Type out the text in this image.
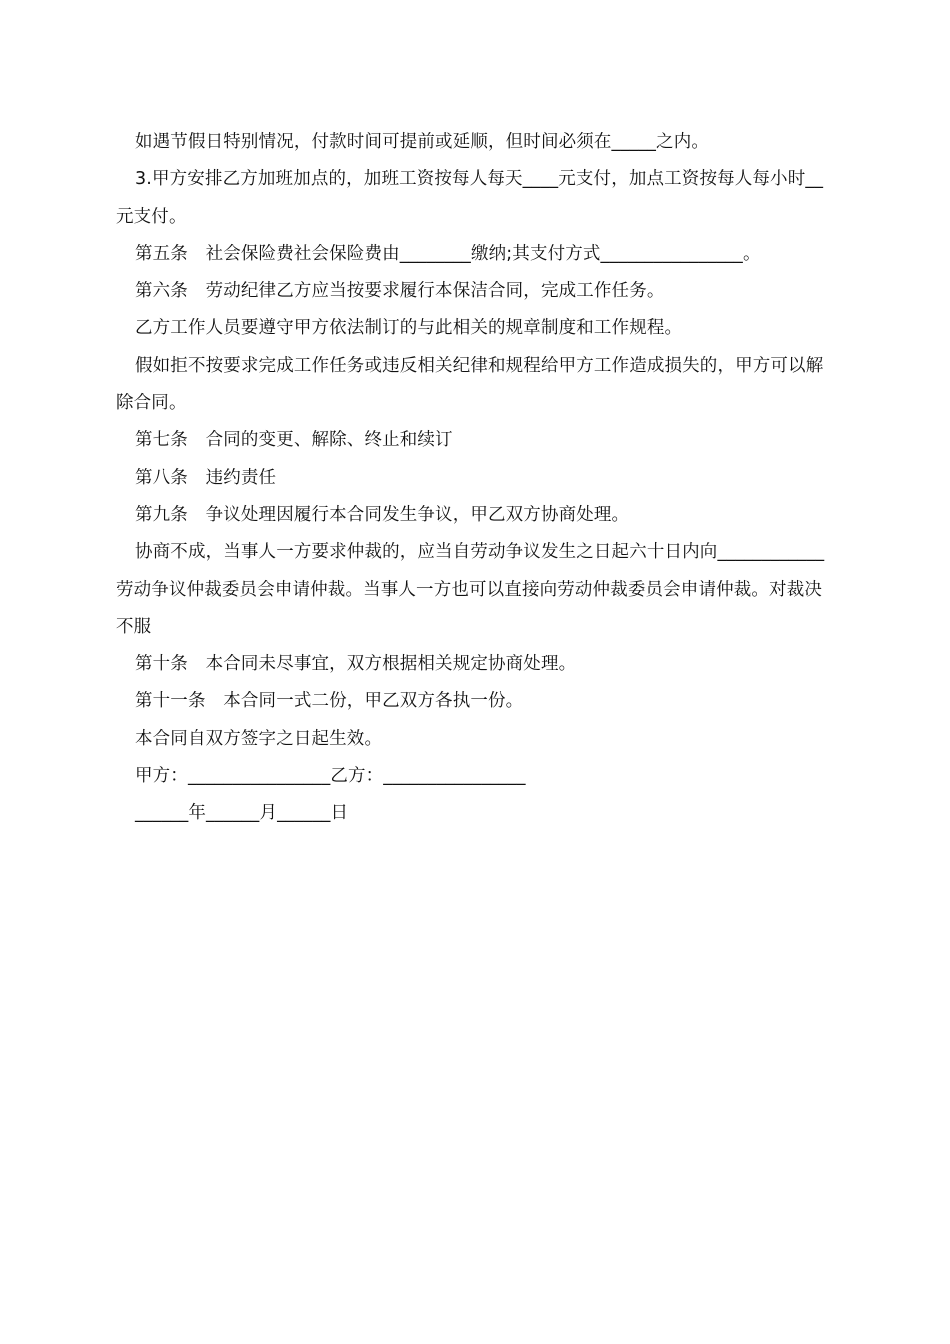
如遇节假日特别情况，付款时间可提前或延顺，但时间必须在_____之内。

3.甲方安排乙方加班加点的，加班工资按每人每天____元支付，加点工资按每人每小时__元支付。

第五条　社会保险费社会保险费由________缴纳;其支付方式________________。

第六条　劳动纪律乙方应当按要求履行本保洁合同，完成工作任务。

乙方工作人员要遵守甲方依法制订的与此相关的规章制度和工作规程。

假如拒不按要求完成工作任务或违反相关纪律和规程给甲方工作造成损失的，甲方可以解除合同。

第七条　合同的变更、解除、终止和续订

第八条　违约责任

第九条　争议处理因履行本合同发生争议，甲乙双方协商处理。

协商不成，当事人一方要求仲裁的，应当自劳动争议发生之日起六十日内向____________劳动争议仲裁委员会申请仲裁。当事人一方也可以直接向劳动仲裁委员会申请仲裁。对裁决不服

第十条　本合同未尽事宜，双方根据相关规定协商处理。

第十一条　本合同一式二份，甲乙双方各执一份。

本合同自双方签字之日起生效。

甲方：________________乙方：________________

______年______月______日
